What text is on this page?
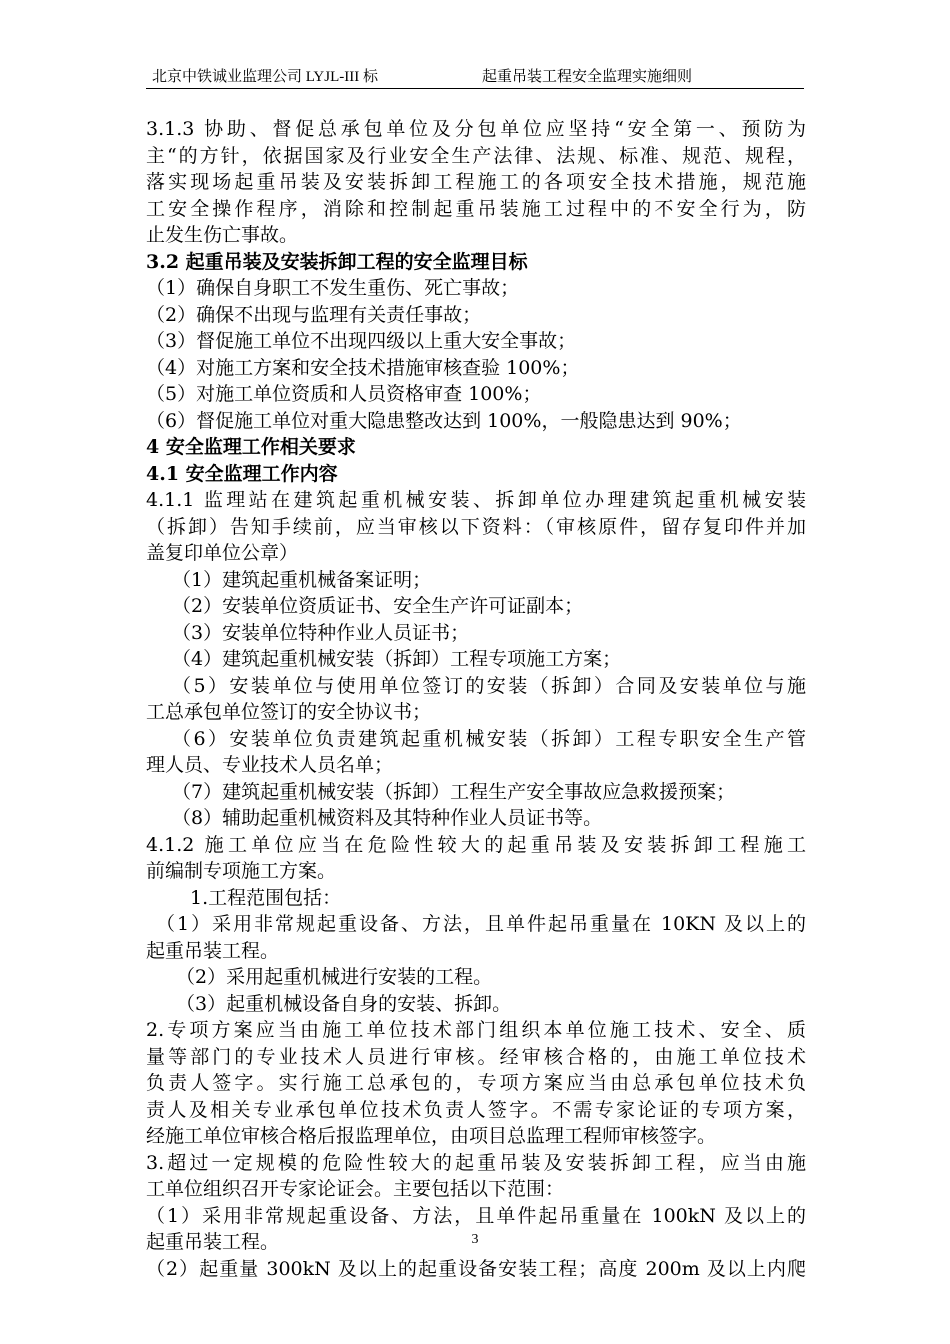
北京中铁诚业监理公司 LYJL-III 标	起重吊装工程安全监理实施细则
3.1.3 协助、督促总承包单位及分包单位应坚持“安全第一、预防为
主“的方针，依据国家及行业安全生产法律、法规、标准、规范、规程，
落实现场起重吊装及安装拆卸工程施工的各项安全技术措施，规范施
工安全操作程序，消除和控制起重吊装施工过程中的不安全行为，防
止发生伤亡事故。
3.2 起重吊装及安装拆卸工程的安全监理目标
（1）确保自身职工不发生重伤、死亡事故；
（2）确保不出现与监理有关责任事故；
（3）督促施工单位不出现四级以上重大安全事故；
（4）对施工方案和安全技术措施审核查验 100%；
（5）对施工单位资质和人员资格审查 100%；
（6）督促施工单位对重大隐患整改达到 100%，一般隐患达到 90%；
4 安全监理工作相关要求
4.1 安全监理工作内容
4.1.1 监理站在建筑起重机械安装、拆卸单位办理建筑起重机械安装
（拆卸）告知手续前，应当审核以下资料：（审核原件，留存复印件并加
盖复印单位公章）
（1）建筑起重机械备案证明；
（2）安装单位资质证书、安全生产许可证副本；
（3）安装单位特种作业人员证书；
（4）建筑起重机械安装（拆卸）工程专项施工方案；
（5）安装单位与使用单位签订的安装（拆卸）合同及安装单位与施
工总承包单位签订的安全协议书；
（6）安装单位负责建筑起重机械安装（拆卸）工程专职安全生产管
理人员、专业技术人员名单；
（7）建筑起重机械安装（拆卸）工程生产安全事故应急救援预案；
（8）辅助起重机械资料及其特种作业人员证书等。
4.1.2 施工单位应当在危险性较大的起重吊装及安装拆卸工程施工
前编制专项施工方案。
1.工程范围包括：
（1）采用非常规起重设备、方法，且单件起吊重量在 10KN 及以上的
起重吊装工程。
（2）采用起重机械进行安装的工程。
（3）起重机械设备自身的安装、拆卸。
2.专项方案应当由施工单位技术部门组织本单位施工技术、安全、质
量等部门的专业技术人员进行审核。经审核合格的，由施工单位技术
负责人签字。实行施工总承包的，专项方案应当由总承包单位技术负
责人及相关专业承包单位技术负责人签字。不需专家论证的专项方案，
经施工单位审核合格后报监理单位，由项目总监理工程师审核签字。
3.超过一定规模的危险性较大的起重吊装及安装拆卸工程，应当由施
工单位组织召开专家论证会。主要包括以下范围：
（1）采用非常规起重设备、方法，且单件起吊重量在 100kN 及以上的
起重吊装工程。
（2）起重量 300kN 及以上的起重设备安装工程；高度 200m 及以上内爬
3
